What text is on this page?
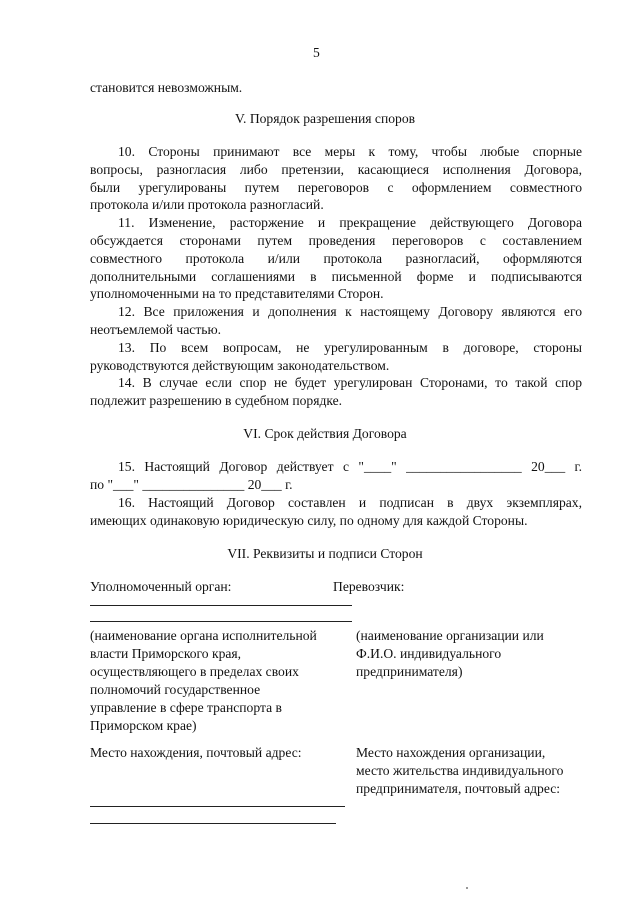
5
становится невозможным.
V. Порядок разрешения споров
10. Стороны принимают все меры к тому, чтобы любые спорные
вопросы, разногласия либо претензии, касающиеся исполнения Договора,
были урегулированы путем переговоров с оформлением совместного
протокола и/или протокола разногласий.
11. Изменение, расторжение и прекращение действующего Договора
обсуждается сторонами путем проведения переговоров с составлением
совместного протокола и/или протокола разногласий, оформляются
дополнительными соглашениями в письменной форме и подписываются
уполномоченными на то представителями Сторон.
12. Все приложения и дополнения к настоящему Договору являются его
неотъемлемой частью.
13. По всем вопросам, не урегулированным в договоре, стороны
руководствуются действующим законодательством.
14. В случае если спор не будет урегулирован Сторонами, то такой спор
подлежит разрешению в судебном порядке.
VI. Срок действия Договора
15. Настоящий Договор действует с "____" _________________ 20___ г.
по "___" _______________ 20___ г.
16. Настоящий Договор составлен и подписан в двух экземплярах,
имеющих одинаковую юридическую силу, по одному для каждой Стороны.
VII. Реквизиты и подписи Сторон
Уполномоченный орган:	Перевозчик:
(наименование органа исполнительной
власти Приморского края,
осуществляющего в пределах своих
полномочий государственное
управление в сфере транспорта в
Приморском крае)
(наименование организации или
Ф.И.О. индивидуального
предпринимателя)
Место нахождения, почтовый адрес:	Место нахождения организации,
место жительства индивидуального
предпринимателя, почтовый адрес:
